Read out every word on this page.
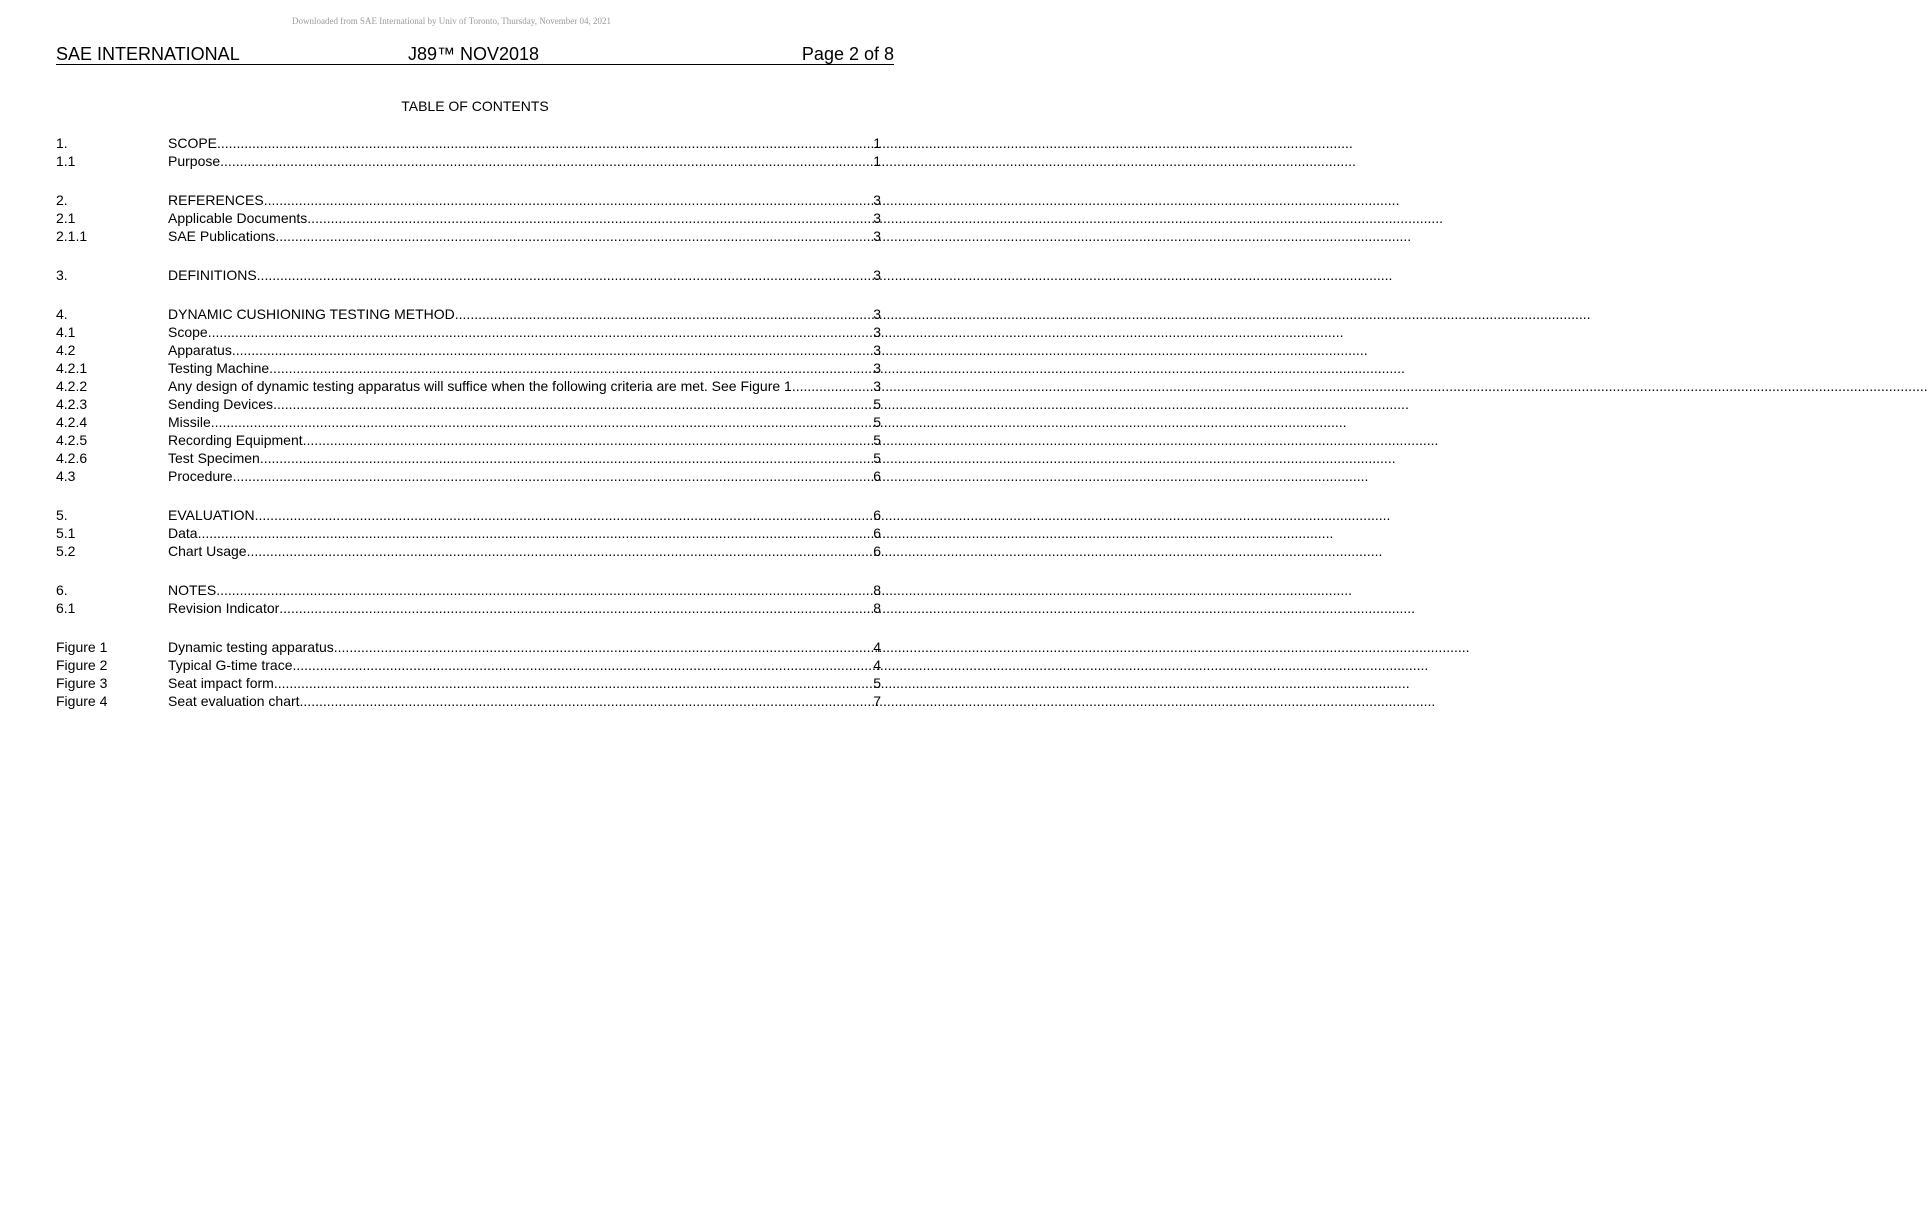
Downloaded from SAE International by Univ of Toronto, Thursday, November 04, 2021
SAE INTERNATIONAL	J89™ NOV2018	Page 2 of 8
TABLE OF CONTENTS
1.	SCOPE .....	1
1.1	Purpose .....	1
2.	REFERENCES .....	3
2.1	Applicable Documents .....	3
2.1.1	SAE Publications .....	3
3.	DEFINITIONS .....	3
4.	DYNAMIC CUSHIONING TESTING METHOD .....	3
4.1	Scope .....	3
4.2	Apparatus .....	3
4.2.1	Testing Machine .....	3
4.2.2	Any design of dynamic testing apparatus will suffice when the following criteria are met. See Figure 1 .....	3
4.2.3	Sending Devices .....	5
4.2.4	Missile .....	5
4.2.5	Recording Equipment .....	5
4.2.6	Test Specimen .....	5
4.3	Procedure .....	6
5.	EVALUATION .....	6
5.1	Data .....	6
5.2	Chart Usage .....	6
6.	NOTES .....	8
6.1	Revision Indicator .....	8
Figure 1	Dynamic testing apparatus .....	4
Figure 2	Typical G-time trace .....	4
Figure 3	Seat impact form .....	5
Figure 4	Seat evaluation chart .....	7
